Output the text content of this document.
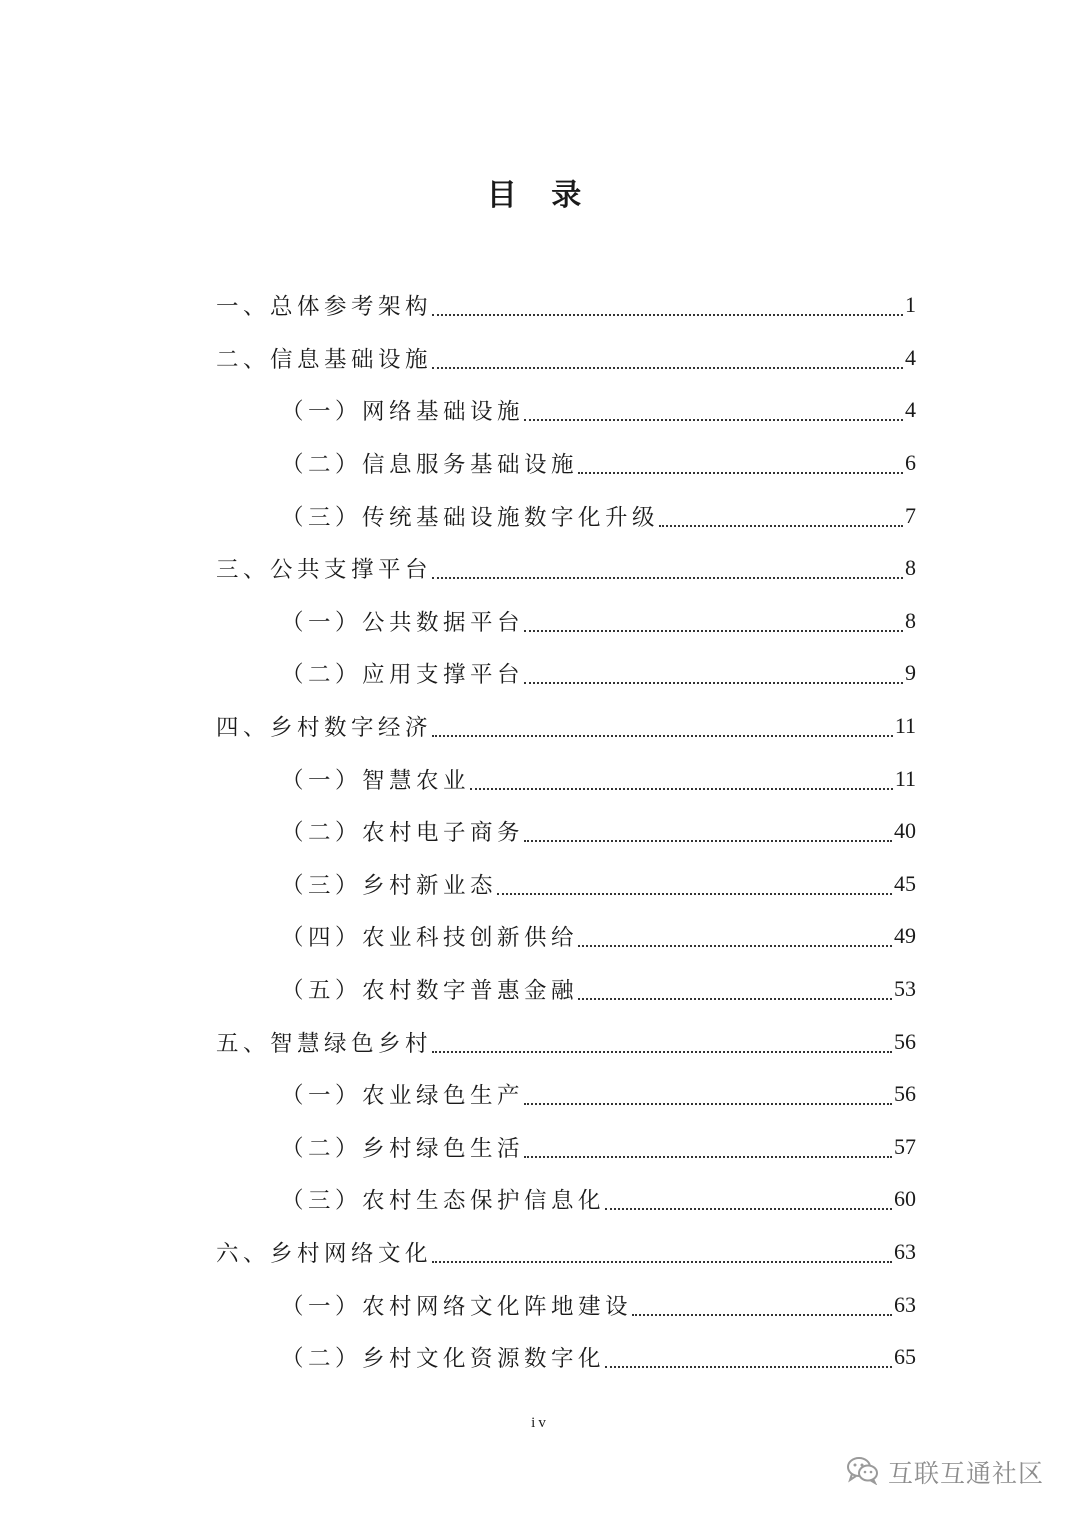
目 录
一、总体参考架构	1
二、信息基础设施	4
（一）网络基础设施	4
（二）信息服务基础设施	6
（三）传统基础设施数字化升级	7
三、公共支撑平台	8
（一）公共数据平台	8
（二）应用支撑平台	9
四、乡村数字经济	11
（一）智慧农业	11
（二）农村电子商务	40
（三）乡村新业态	45
（四）农业科技创新供给	49
（五）农村数字普惠金融	53
五、智慧绿色乡村	56
（一）农业绿色生产	56
（二）乡村绿色生活	57
（三）农村生态保护信息化	60
六、乡村网络文化	63
（一）农村网络文化阵地建设	63
（二）乡村文化资源数字化	65
iv
互联互通社区
